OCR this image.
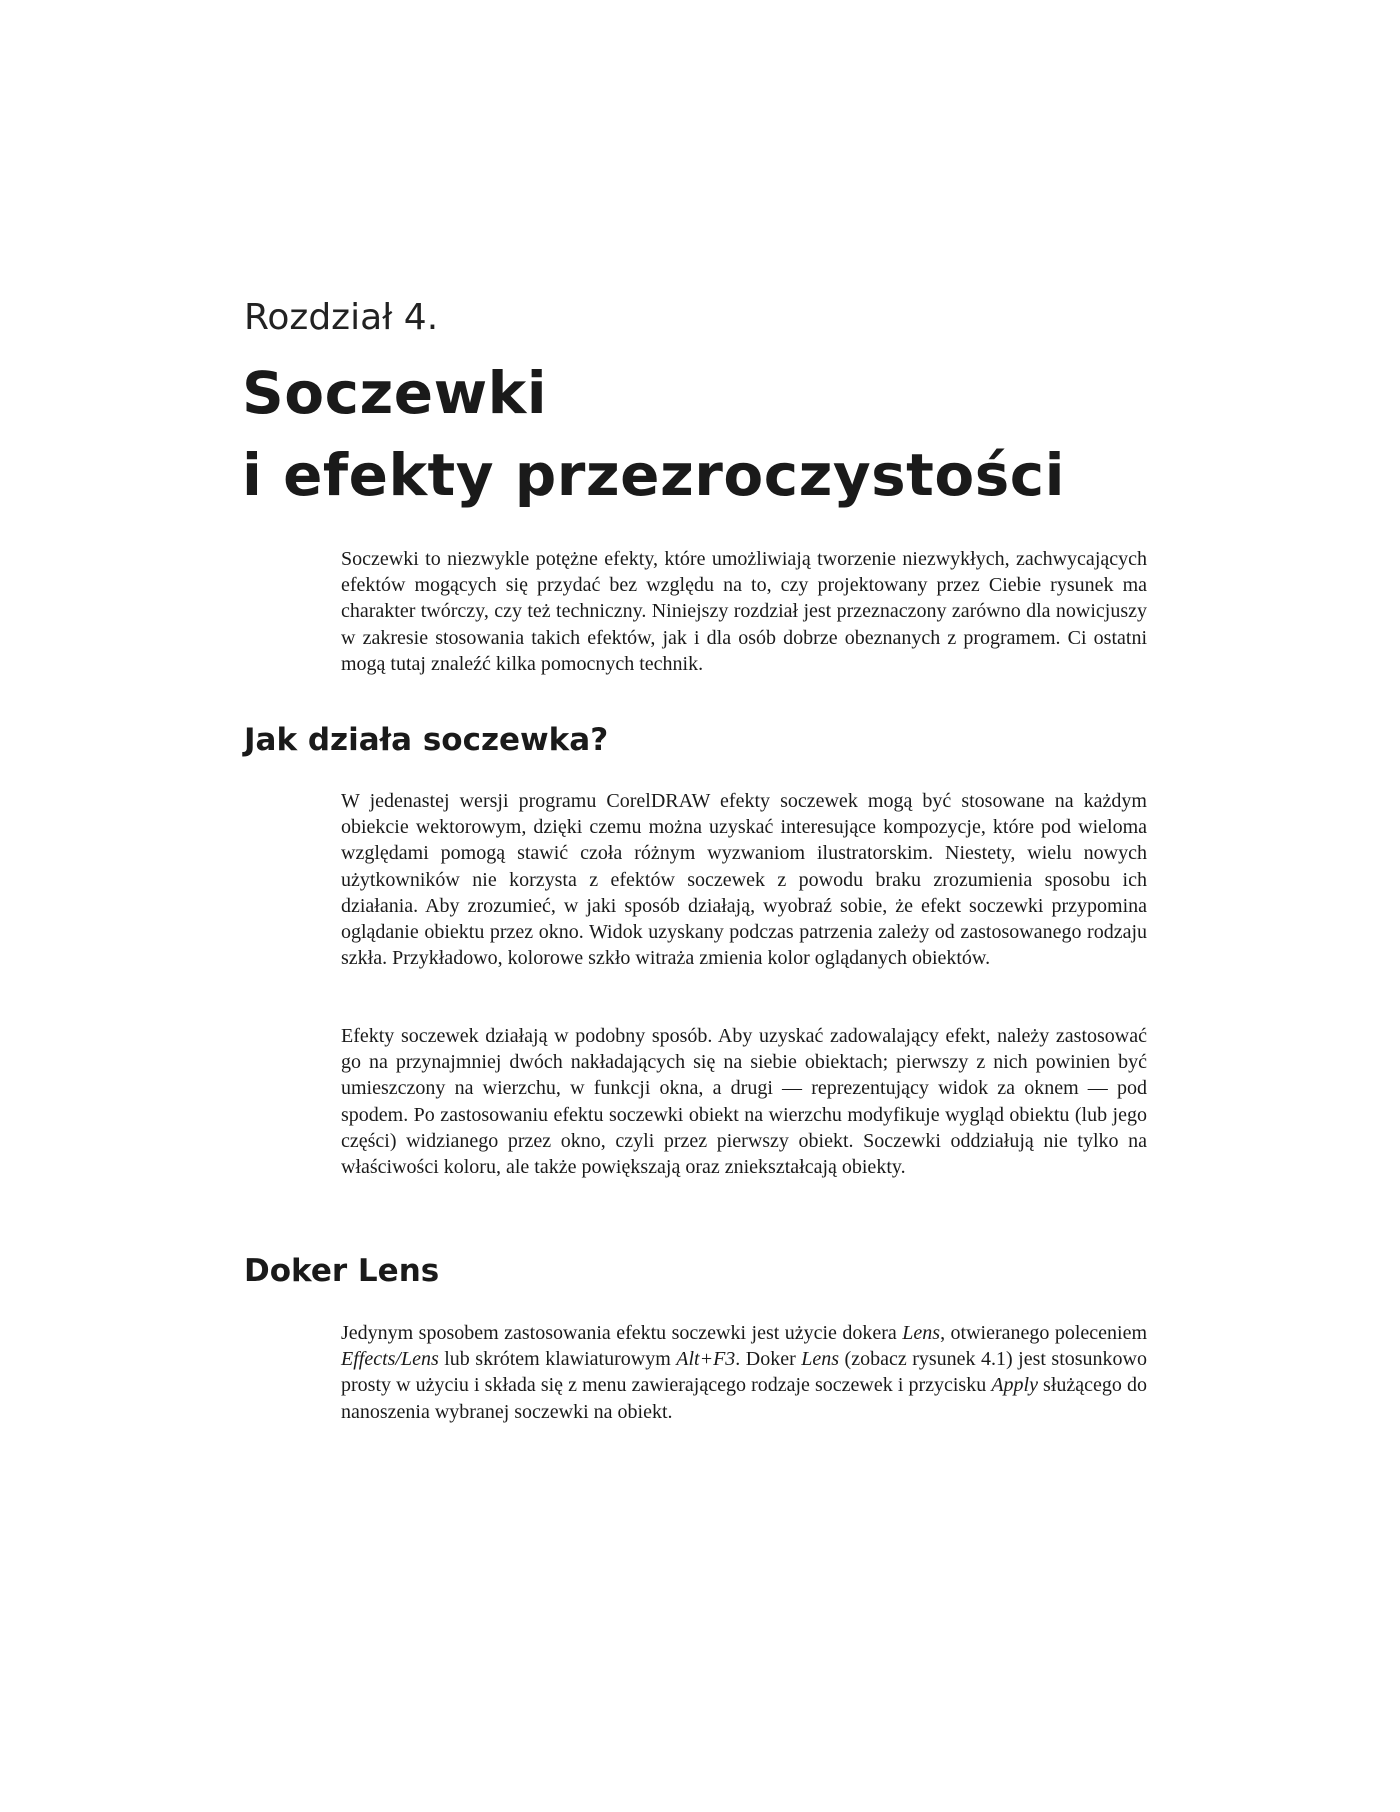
Rozdział 4.
Soczewki
i efekty przezroczystości

Soczewki to niezwykle potężne efekty, które umożliwiają tworzenie niezwykłych, zachwycających efektów mogących się przydać bez względu na to, czy projektowany przez Ciebie rysunek ma charakter twórczy, czy też techniczny. Niniejszy rozdział jest przeznaczony zarówno dla nowicjuszy w zakresie stosowania takich efektów, jak i dla osób dobrze obeznanych z programem. Ci ostatni mogą tutaj znaleźć kilka pomocnych technik.

Jak działa soczewka?

W jedenastej wersji programu CorelDRAW efekty soczewek mogą być stosowane na każdym obiekcie wektorowym, dzięki czemu można uzyskać interesujące kompozycje, które pod wieloma względami pomogą stawić czoła różnym wyzwaniom ilustratorskim. Niestety, wielu nowych użytkowników nie korzysta z efektów soczewek z powodu braku zrozumienia sposobu ich działania. Aby zrozumieć, w jaki sposób działają, wyobraź sobie, że efekt soczewki przypomina oglądanie obiektu przez okno. Widok uzyskany podczas patrzenia zależy od zastosowanego rodzaju szkła. Przykładowo, kolorowe szkło witraża zmienia kolor oglądanych obiektów.

Efekty soczewek działają w podobny sposób. Aby uzyskać zadowalający efekt, należy zastosować go na przynajmniej dwóch nakładających się na siebie obiektach; pierwszy z nich powinien być umieszczony na wierzchu, w funkcji okna, a drugi — reprezentujący widok za oknem — pod spodem. Po zastosowaniu efektu soczewki obiekt na wierzchu modyfikuje wygląd obiektu (lub jego części) widzianego przez okno, czyli przez pierwszy obiekt. Soczewki oddziałują nie tylko na właściwości koloru, ale także powiększają oraz zniekształcają obiekty.

Doker Lens

Jedynym sposobem zastosowania efektu soczewki jest użycie dokera Lens, otwieranego poleceniem Effects/Lens lub skrótem klawiaturowym Alt+F3. Doker Lens (zobacz rysunek 4.1) jest stosunkowo prosty w użyciu i składa się z menu zawierającego rodzaje soczewek i przycisku Apply służącego do nanoszenia wybranej soczewki na obiekt.
